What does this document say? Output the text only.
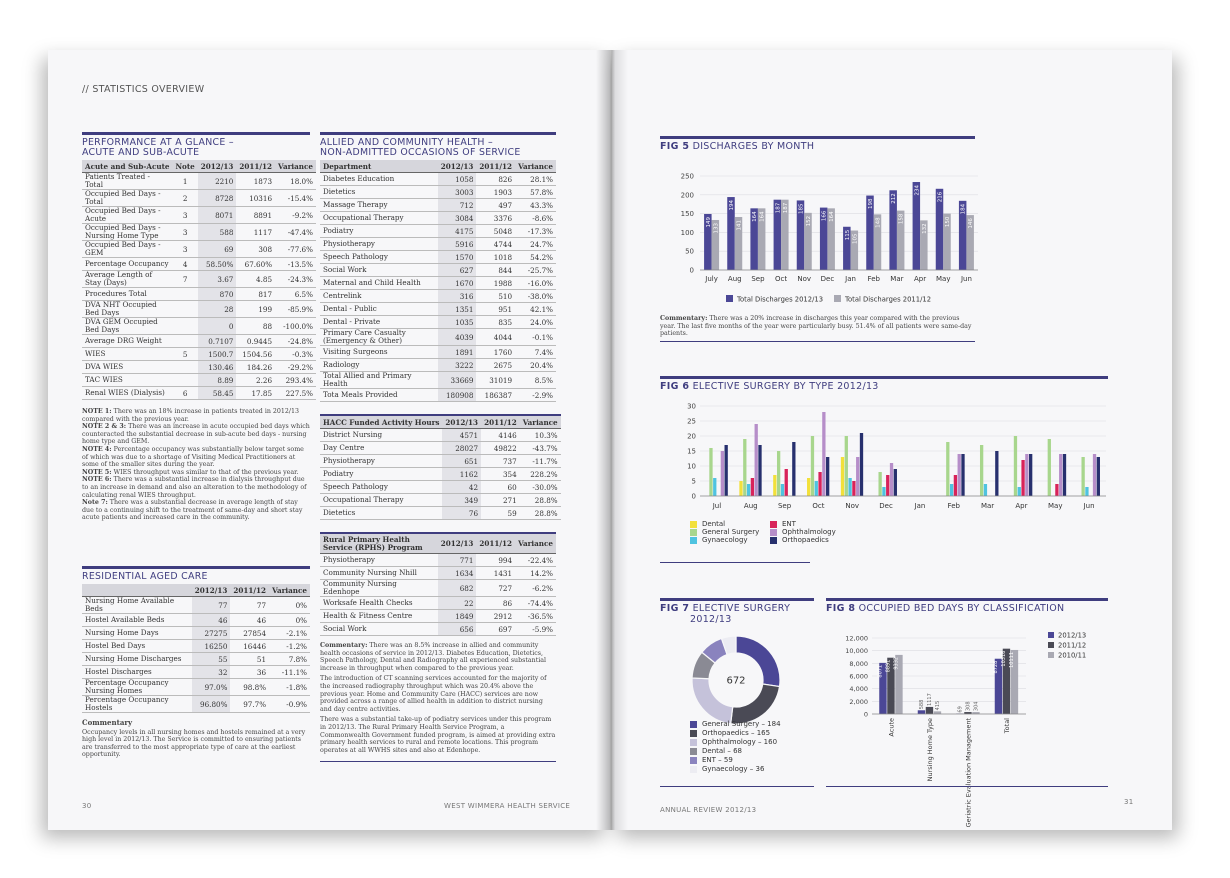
// STATISTICS OVERVIEW
PERFORMANCE AT A GLANCE –
ACUTE AND SUB-ACUTE
Acute and Sub-Acute	Note	2012/13	2011/12	Variance
Patients Treated - Total	1	2210	1873	18.0%
Occupied Bed Days - Total	2	8728	10316	-15.4%
Occupied Bed Days - Acute	3	8071	8891	-9.2%
Occupied Bed Days - Nursing Home Type	3	588	1117	-47.4%
Occupied Bed Days - GEM	3	69	308	-77.6%
Percentage Occupancy	4	58.50%	67.60%	-13.5%
Average Length of Stay (Days)	7	3.67	4.85	-24.3%
Procedures Total		870	817	6.5%
DVA NHT Occupied Bed Days		28	199	-85.9%
DVA GEM Occupied Bed Days		0	88	-100.0%
Average DRG Weight		0.7107	0.9445	-24.8%
WIES	5	1500.7	1504.56	-0.3%
DVA WIES		130.46	184.26	-29.2%
TAC WIES		8.89	2.26	293.4%
Renal WIES (Dialysis)	6	58.45	17.85	227.5%

NOTE 1: There was an 18% increase in patients treated in 2012/13 compared with the previous year.

NOTE 2 & 3: There was an increase in acute occupied bed days which counteracted the substantial decrease in sub-acute bed days - nursing home type and GEM.

NOTE 4: Percentage occupancy was substantially below target some of which was due to a shortage of Visiting Medical Practitioners at some of the smaller sites during the year.

NOTE 5: WIES throughput was similar to that of the previous year.

NOTE 6: There was a substantial increase in dialysis throughput due to an increase in demand and also an alteration to the methodology of calculating renal WIES throughput.

Note 7: There was a substantial decrease in average length of stay due to a continuing shift to the treatment of same-day and short stay acute patients and increased care in the community.

RESIDENTIAL AGED CARE
	2012/13	2011/12	Variance
Nursing Home Available Beds	77	77	0%
Hostel Available Beds	46	46	0%
Nursing Home Days	27275	27854	-2.1%
Hostel Bed Days	16250	16446	-1.2%
Nursing Home Discharges	55	51	7.8%
Hostel Discharges	32	36	-11.1%
Percentage Occupancy Nursing Homes	97.0%	98.8%	-1.8%
Percentage Occupancy Hostels	96.80%	97.7%	-0.9%

Commentary

Occupancy levels in all nursing homes and hostels remained at a very high level in 2012/13. The Service is committed to ensuring patients are transferred to the most appropriate type of care at the earliest opportunity.

ALLIED AND COMMUNITY HEALTH –
NON-ADMITTED OCCASIONS OF SERVICE
Department	2012/13	2011/12	Variance
Diabetes Education	1058	826	28.1%
Dietetics	3003	1903	57.8%
Massage Therapy	712	497	43.3%
Occupational Therapy	3084	3376	-8.6%
Podiatry	4175	5048	-17.3%
Physiotherapy	5916	4744	24.7%
Speech Pathology	1570	1018	54.2%
Social Work	627	844	-25.7%
Maternal and Child Health	1670	1988	-16.0%
Centrelink	316	510	-38.0%
Dental - Public	1351	951	42.1%
Dental - Private	1035	835	24.0%
Primary Care Casualty (Emergency & Other)	4039	4044	-0.1%
Visiting Surgeons	1891	1760	7.4%
Radiology	3222	2675	20.4%
Total Allied and Primary Health	33669	31019	8.5%
Tota Meals Provided	180908	186387	-2.9%
HACC Funded Activity Hours	2012/13	2011/12	Variance
District Nursing	4571	4146	10.3%
Day Centre	28027	49822	-43.7%
Physiotherapy	651	737	-11.7%
Podiatry	1162	354	228.2%
Speech Pathology	42	60	-30.0%
Occupational Therapy	349	271	28.8%
Dietetics	76	59	28.8%
Rural Primary Health Service (RPHS) Program	2012/13	2011/12	Variance
Physiotherapy	771	994	-22.4%
Community Nursing Nhill	1634	1431	14.2%
Community Nursing Edenhope	682	727	-6.2%
Worksafe Health Checks	22	86	-74.4%
Health & Fitness Centre	1849	2912	-36.5%
Social Work	656	697	-5.9%

Commentary: There was an 8.5% increase in allied and community health occasions of service in 2012/13. Diabetes Education, Dietetics, Speech Pathology, Dental and Radiography all experienced substantial increase in throughput when compared to the previous year.

The introduction of CT scanning services accounted for the majority of the increased radiography throughput which was 20.4% above the previous year. Home and Community Care (HACC) services are now provided across a range of allied health in addition to district nursing and day centre activities.

There was a substantial take-up of podiatry services under this program in 2012/13. The Rural Primary Health Service Program, a Commonwealth Government funded program, is aimed at providing extra primary health services to rural and remote locations. This program operates at all WWHS sites and also at Edenhope.

30	WEST WIMMERA HEALTH SERVICE
FIG 5 DISCHARGES BY MONTH
0
50
100
150
200
250
149
133
July
194
141
Aug
164 164
Sep
187 187
Oct
185
152
Nov
166 164
Dec
115 105
Jan
198
148
Feb
212
158
Mar
234
132
Apr
216
150
May
184
146
Jun
Total Discharges 2012/13	Total Discharges 2011/12
Commentary: There was a 20% increase in discharges this year compared with the previous year. The last five months of the year were particularly busy. 51.4% of all patients were same-day patients.
FIG 6 ELECTIVE SURGERY BY TYPE 2012/13
0
5
10
15
20
25
30
Jul	Aug	Sep	Oct	Nov	Dec	Jan	Feb	Mar	Apr	May	Jun
Dental	ENT
General Surgery	Ophthalmology
Gynaecology	Orthopaedics
FIG 7 ELECTIVE SURGERY
2012/13
672
General Surgery – 184
Orthopaedics – 165
Ophthalmology – 160
Dental – 68
ENT – 59
Gynaecology – 36
FIG 8 OCCUPIED BED DAYS BY CLASSIFICATION
0
2,000
4,000
6,000
8,000
10,000
12,000
8071 8891 9332
Acute
588 1117 415
Nursing Home Type
69 308 304
Geriatric Evaluation Management
8728
10316 10111
Total
2012/13
2011/12
2010/11
ANNUAL REVIEW 2012/13
31
